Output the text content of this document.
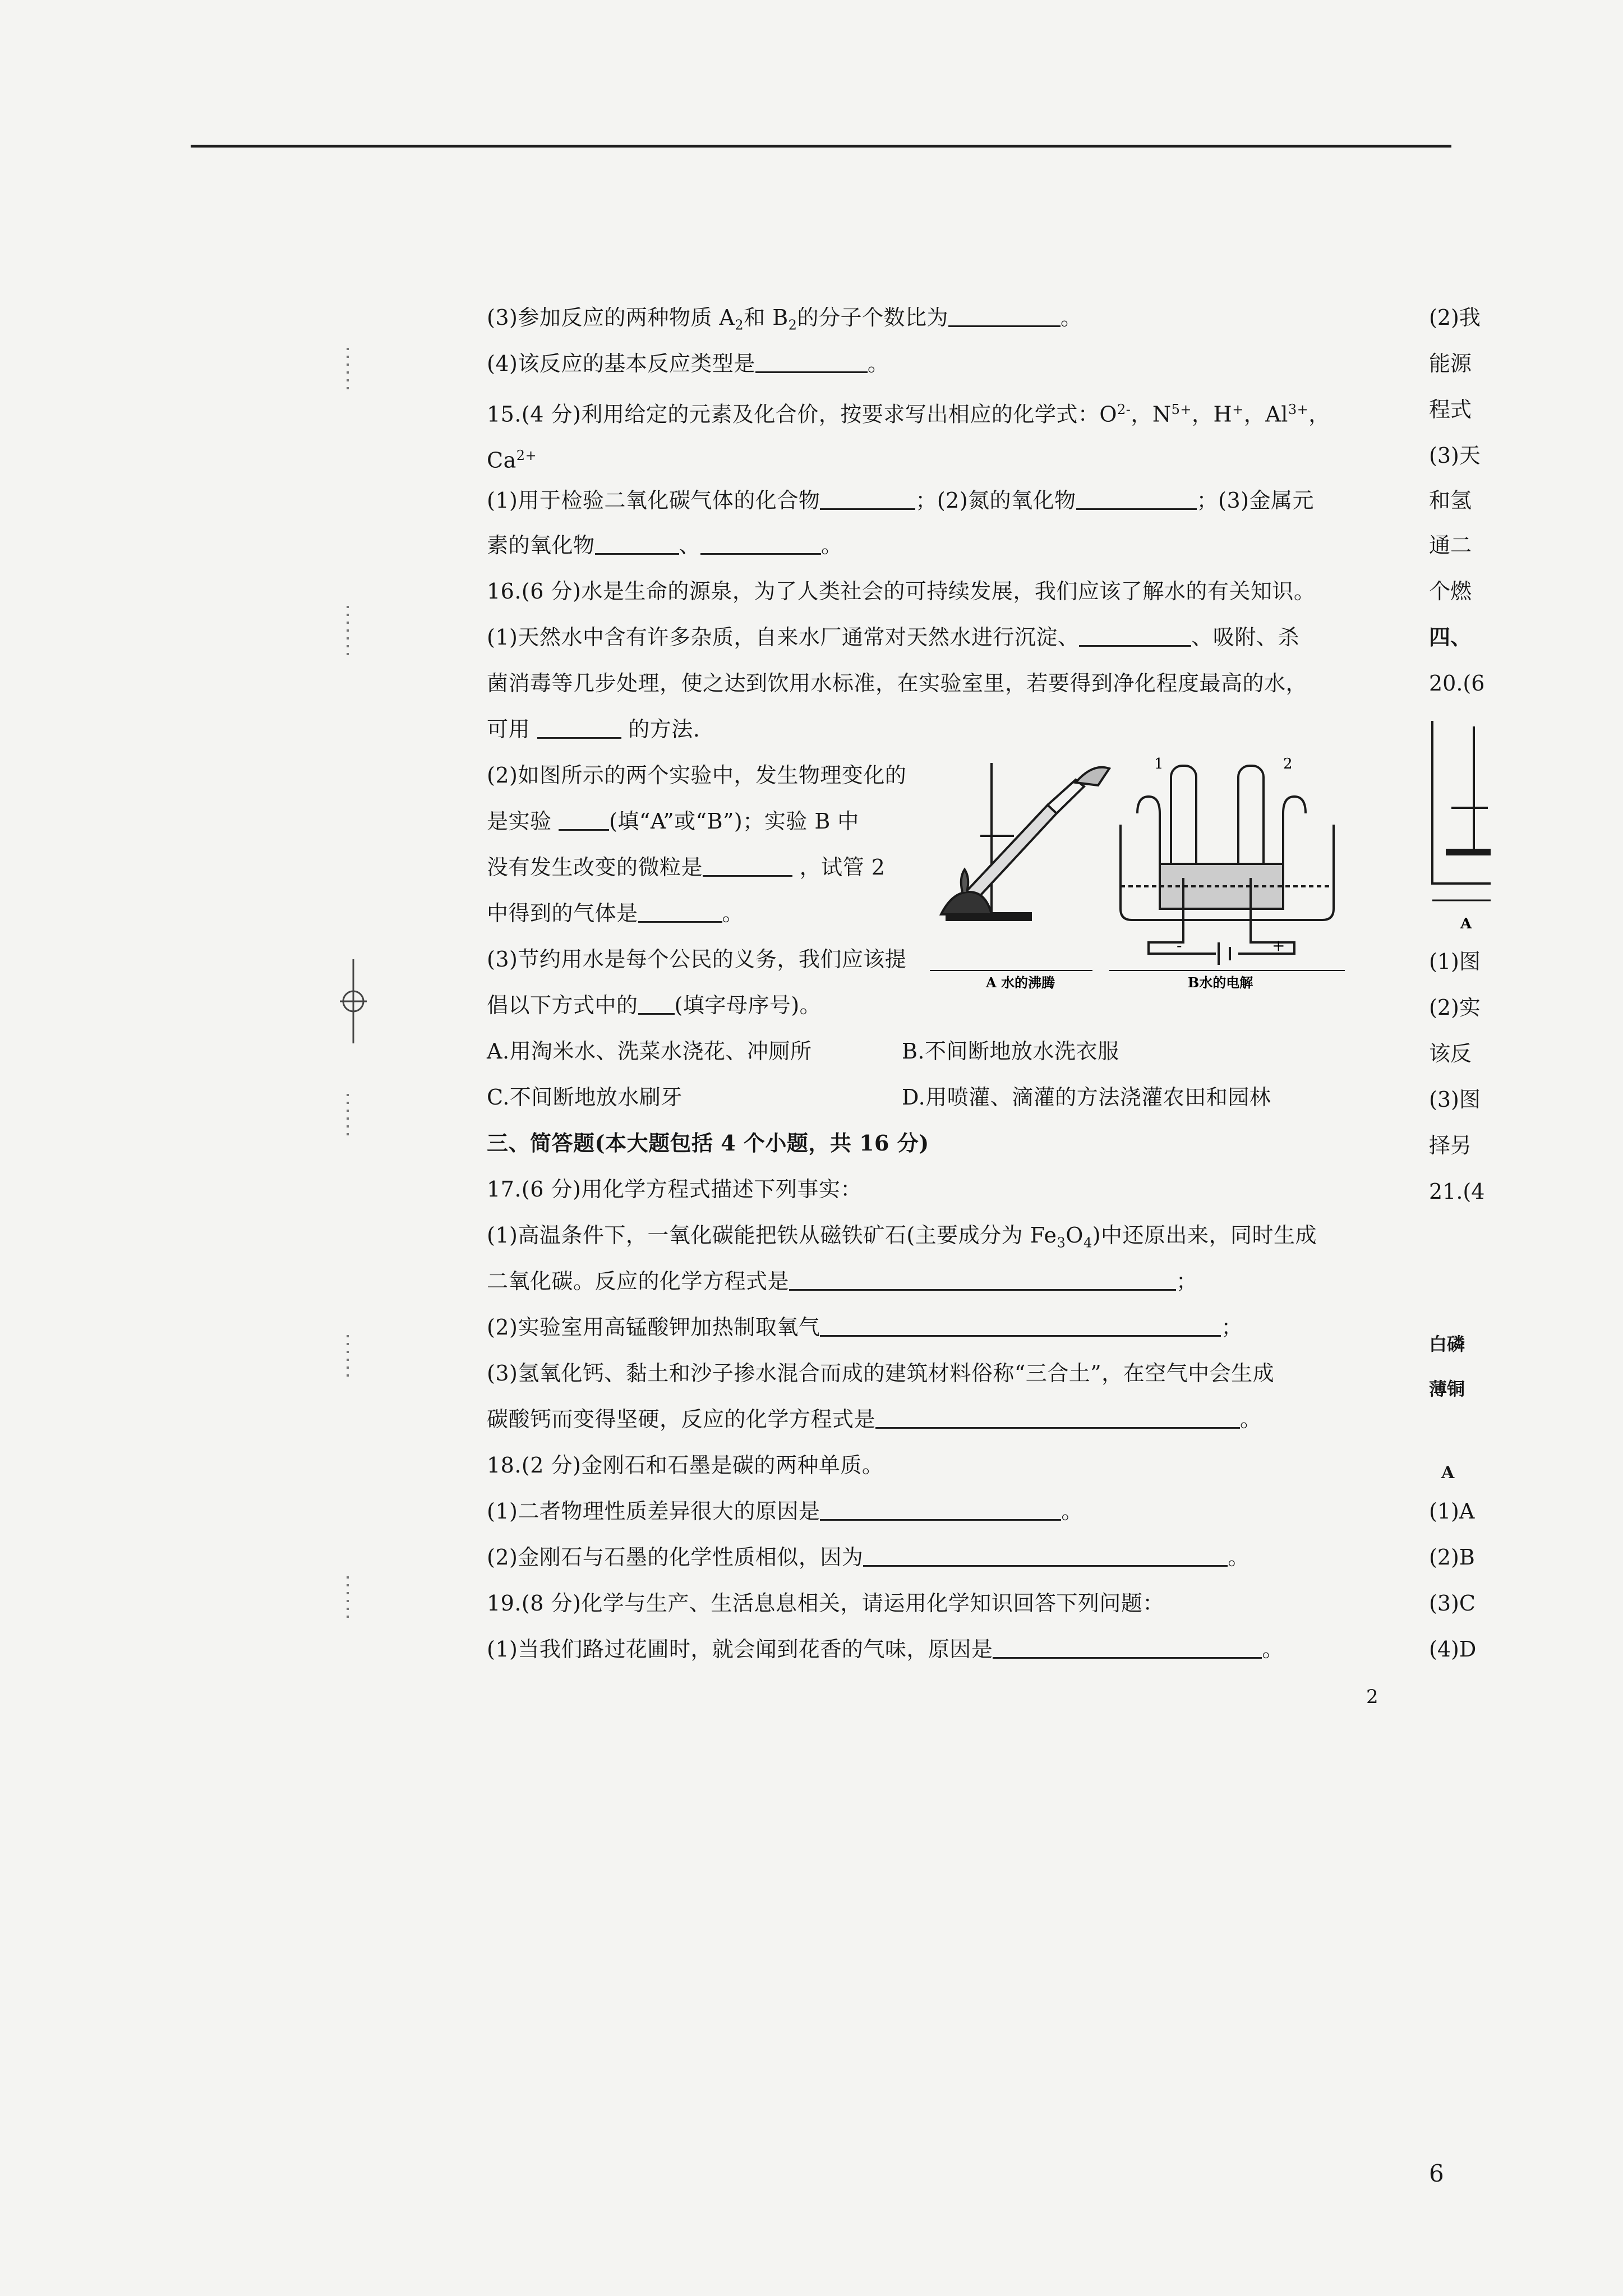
(3)参加反应的两种物质 $A_2$和 $B_2$的分子个数比为	。
(4)该反应的基本反应类型是	。
15.(4 分)利用给定的元素及化合价，按要求写出相应的化学式：$O^{2-}$，$N^{5+}$，H+，$Al^{3+}$，
$Ca^{2+}$
(1)用于检验二氧化碳气体的化合物	；(2)氮的氧化物	；(3)金属元
素的氧化物	、	。
16.(6 分)水是生命的源泉，为了人类社会的可持续发展，我们应该了解水的有关知识。
(1)天然水中含有许多杂质，自来水厂通常对天然水进行沉淀、	、吸附、杀
菌消毒等几步处理，使之达到饮用水标准，在实验室里，若要得到净化程度最高的水，
可用	的方法.
(2)如图所示的两个实验中，发生物理变化的
是实验	(填“A”或“B”)；实验 B 中
没有发生改变的微粒是	，试管 2
中得到的气体是	。
(3)节约用水是每个公民的义务，我们应该提
倡以下方式中的 (填字母序号)。
A.用淘米水、洗菜水浇花、冲厕所	B.不间断地放水洗衣服
C.不间断地放水刷牙	D.用喷灌、滴灌的方法浇灌农田和园林
1	2
-	+
A 水的沸腾	B水的电解
三、简答题(本大题包括 4 个小题，共 16 分)
17.(6 分)用化学方程式描述下列事实：
(1)高温条件下，一氧化碳能把铁从磁铁矿石(主要成分为 $Fe_3O_4$)中还原出来，同时生成
二氧化碳。反应的化学方程式是	；
(2)实验室用高锰酸钾加热制取氧气	；
(3)氢氧化钙、黏土和沙子掺水混合而成的建筑材料俗称“三合土”，在空气中会生成
碳酸钙而变得坚硬，反应的化学方程式是	。
18.(2 分)金刚石和石墨是碳的两种单质。
(1)二者物理性质差异很大的原因是	。
(2)金刚石与石墨的化学性质相似，因为	。
19.(8 分)化学与生产、生活息息相关，请运用化学知识回答下列问题：
(1)当我们路过花圃时，就会闻到花香的气味，原因是	。
(2)我
能源
程式
(3)天
和氢
通二
个燃
四、
20.(6
A
(1)图
(2)实
该反
(3)图
择另
21.(4
白磷
薄铜
A
(1)A
(2)B
(3)C
(4)D
2
6
